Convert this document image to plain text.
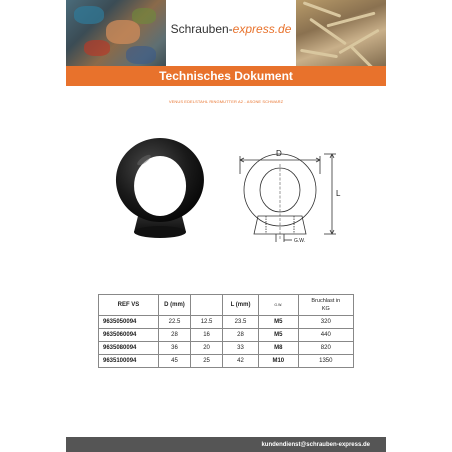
Schrauben-express.de
Technisches Dokument
VENUS EDELSTAHL RINGMUTTER A2 - ASONE SCHWARZ
D
L
G.W.
REF VS	D (mm)		L (mm)	G.W.	Bruchlast in
KG
9635050094	22.5	12.5	23.5	M5	320
9635060094	28	16	28	M5	440
9635080094	36	20	33	M8	820
9635100094	45	25	42	M10	1350
kundendienst@schrauben-express.de
